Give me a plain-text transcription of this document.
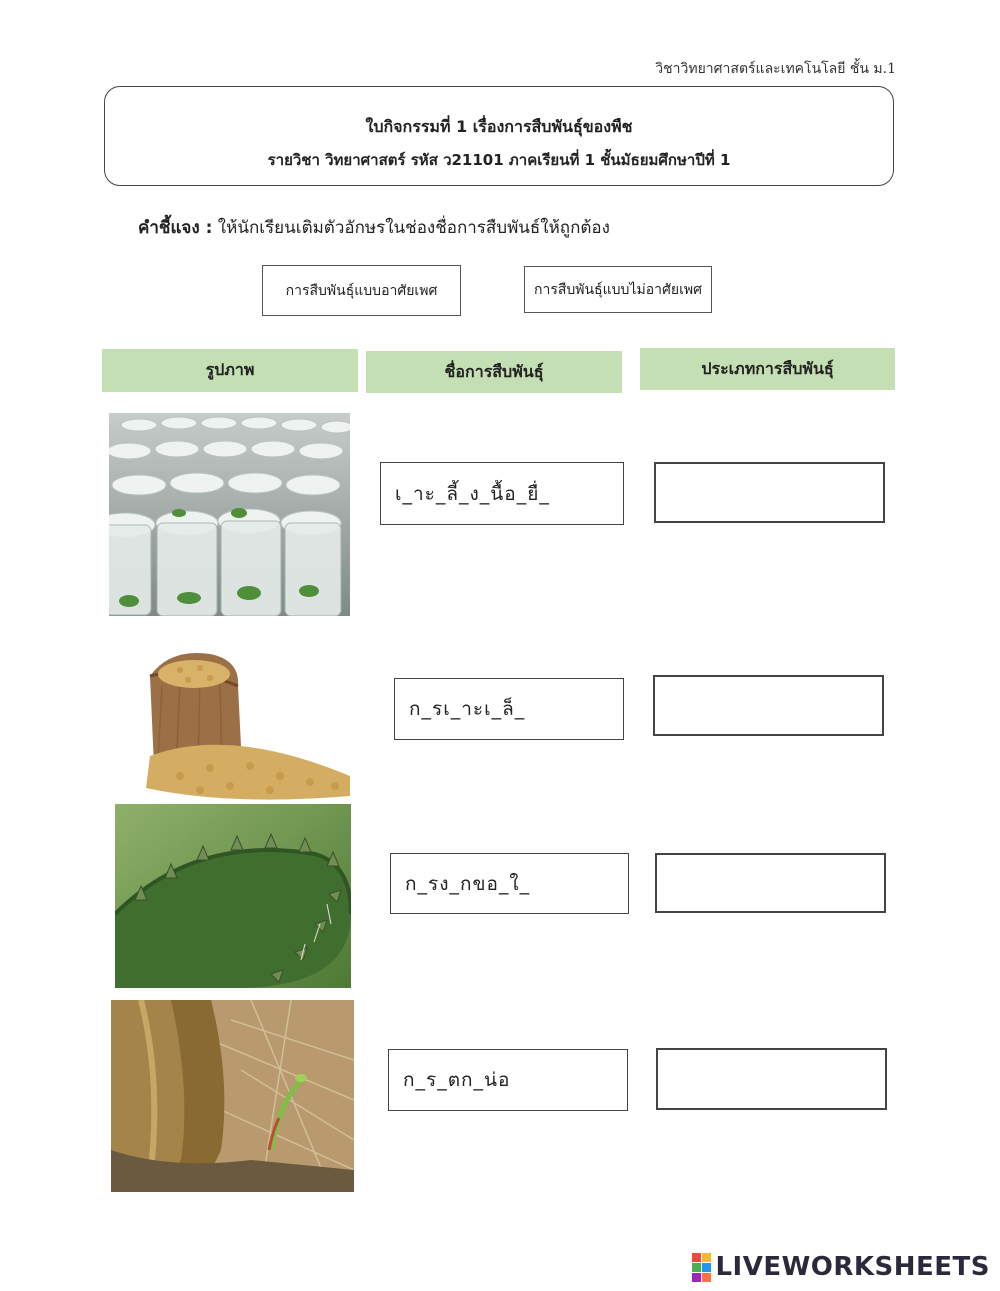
วิชาวิทยาศาสตร์และเทคโนโลยี ชั้น ม.1
ใบกิจกรรมที่ 1 เรื่องการสืบพันธุ์ของพืช
รายวิชา วิทยาศาสตร์ รหัส ว21101 ภาคเรียนที่ 1 ชั้นมัธยมศึกษาปีที่ 1
คำชี้แจง : ให้นักเรียนเติมตัวอักษรในช่องชื่อการสืบพันธ์ให้ถูกต้อง
การสืบพันธุ์แบบอาศัยเพศ	การสืบพันธุ์แบบไม่อาศัยเพศ
รูปภาพ	ชื่อการสืบพันธุ์	ประเภทการสืบพันธุ์
เ_าะ_ลี้_ง_นื้อ_ยื่_
ก_รเ_าะเ_ล็_
ก_รง_กขอ_ใ_
ก_ร_ตก_น่อ
LIVEWORKSHEETS
